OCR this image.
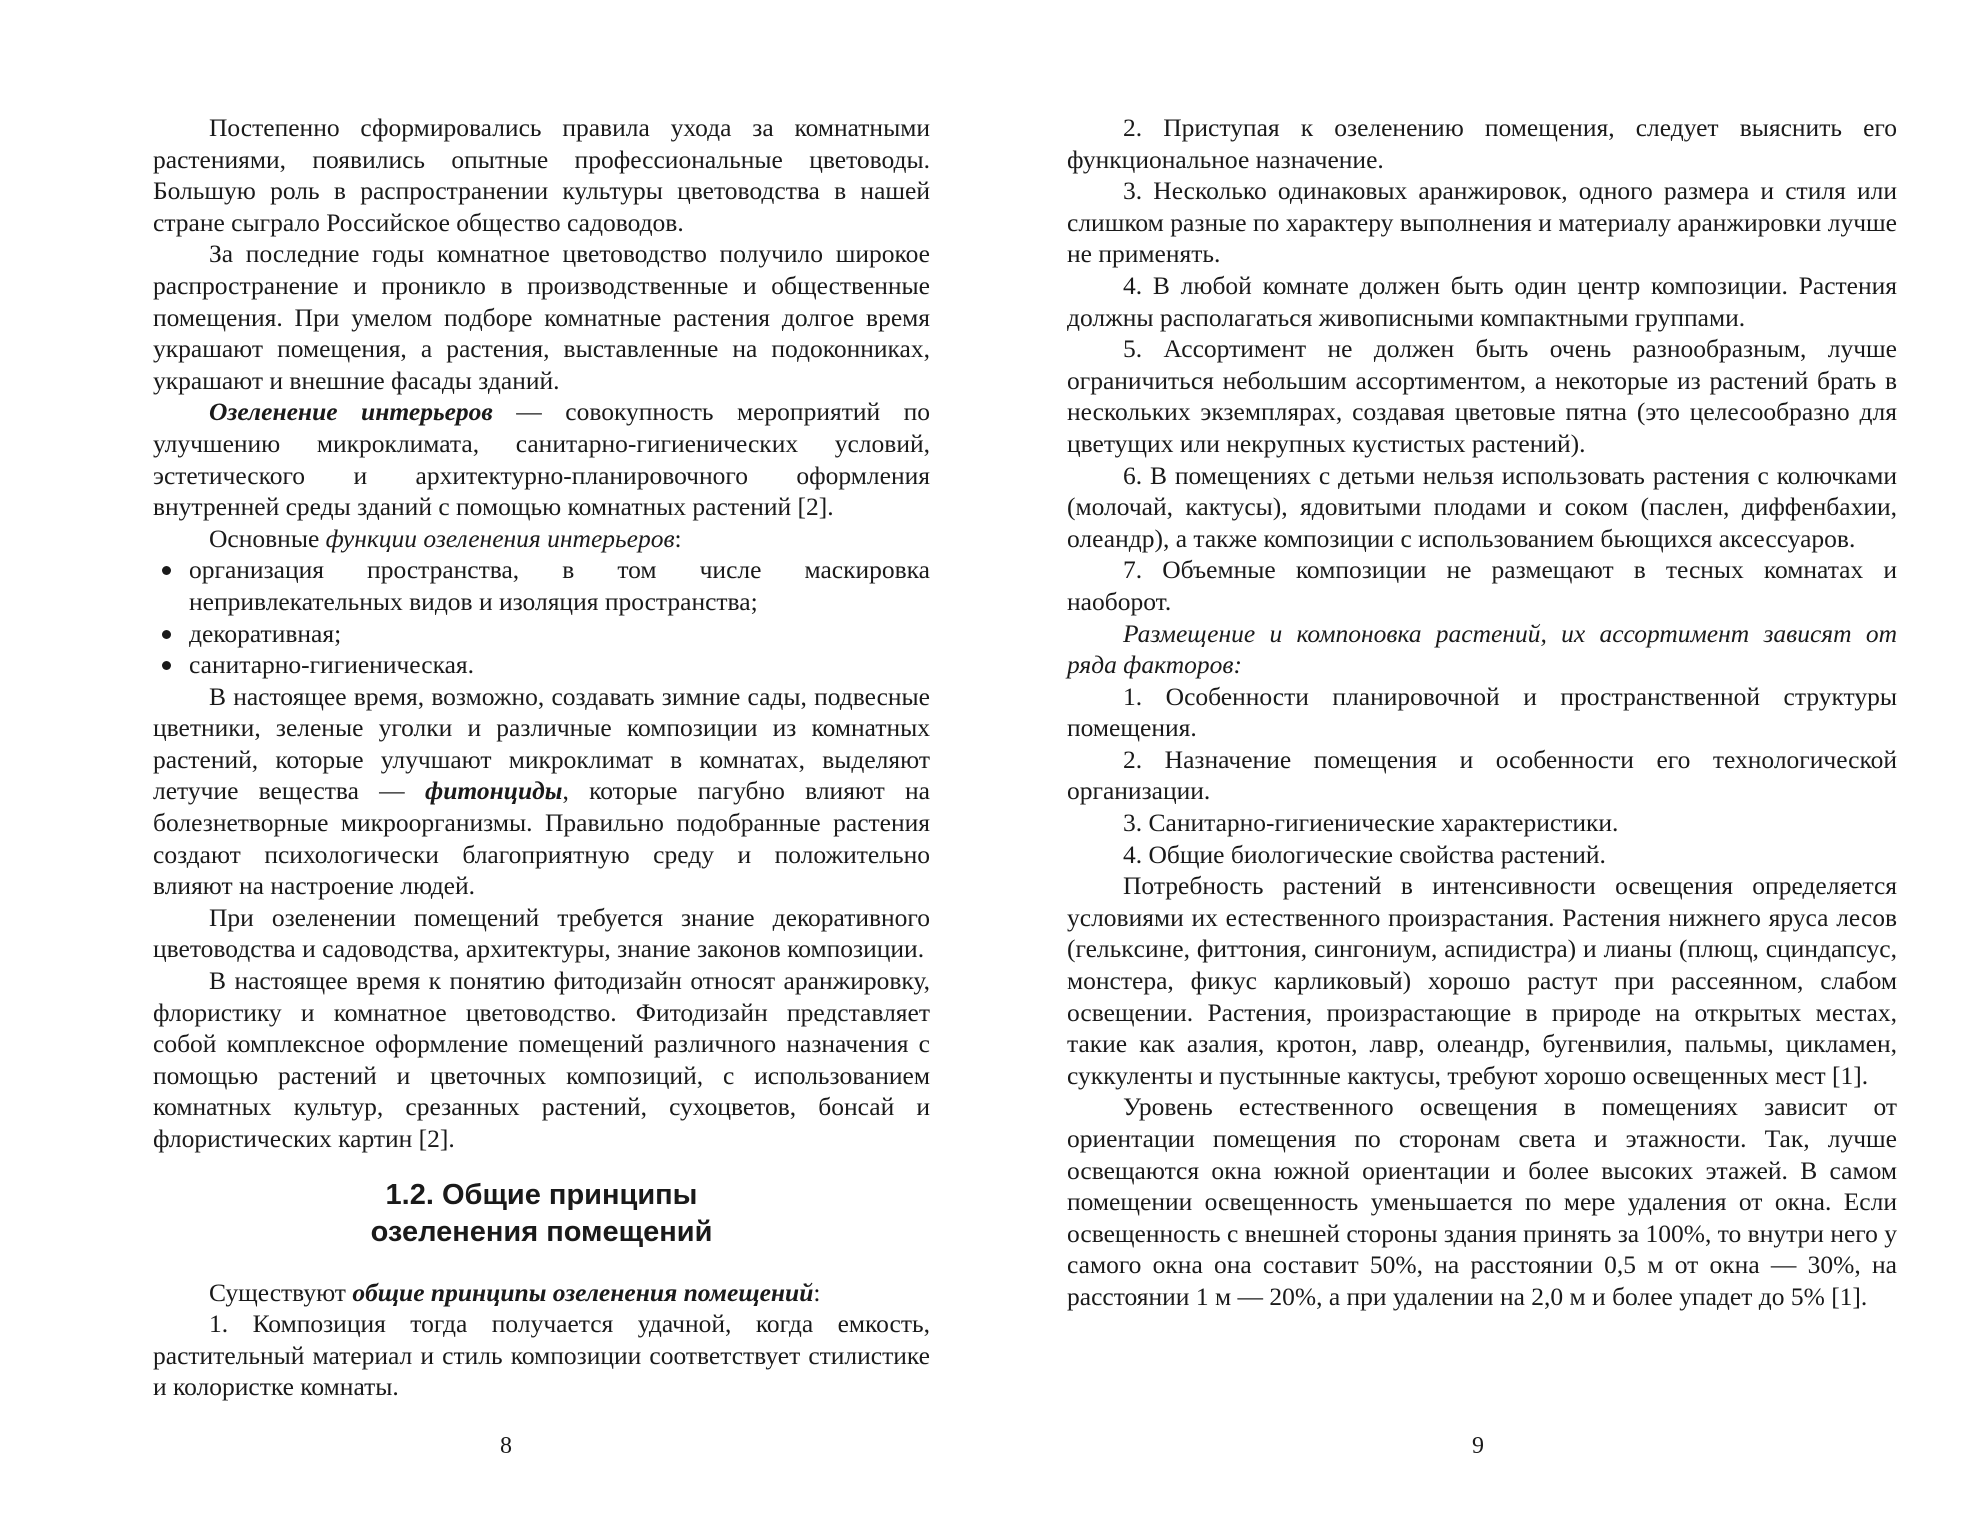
Постепенно сформировались правила ухода за комнатными растениями, появились опытные профессиональные цветоводы. Большую роль в распространении культуры цветоводства в нашей стране сыграло Российское общество садоводов.

За последние годы комнатное цветоводство получило широкое распространение и проникло в производственные и общественные помещения. При умелом подборе комнатные растения долгое время украшают помещения, а растения, выставленные на подоконниках, украшают и внешние фасады зданий.

Озеленение интерьеров — совокупность мероприятий по улучшению микроклимата, санитарно-гигиенических условий, эстетического и архитектурно-планировочного оформления внутренней среды зданий с помощью комнатных растений [2].

Основные функции озеленения интерьеров:

организация пространства, в том числе маскировка непривлекательных видов и изоляция пространства;
декоративная;
санитарно-гигиеническая.

В настоящее время, возможно, создавать зимние сады, подвесные цветники, зеленые уголки и различные композиции из комнатных растений, которые улучшают микроклимат в комнатах, выделяют летучие вещества — фитонциды, которые пагубно влияют на болезнетворные микроорганизмы. Правильно подобранные растения создают психологически благоприятную среду и положительно влияют на настроение людей.

При озеленении помещений требуется знание декоративного цветоводства и садоводства, архитектуры, знание законов композиции.

В настоящее время к понятию фитодизайн относят аранжировку, флористику и комнатное цветоводство. Фитодизайн представляет собой комплексное оформление помещений различного назначения с помощью растений и цветочных композиций, с использованием комнатных культур, срезанных растений, сухоцветов, бонсай и флористических картин [2].

1.2. Общие принципы
озеленения помещений

Существуют общие принципы озеленения помещений:

1. Композиция тогда получается удачной, когда емкость, растительный материал и стиль композиции соответствует стилистике и колористке комнаты.

8

2. Приступая к озеленению помещения, следует выяснить его функциональное назначение.

3. Несколько одинаковых аранжировок, одного размера и стиля или слишком разные по характеру выполнения и материалу аранжировки лучше не применять.

4. В любой комнате должен быть один центр композиции. Растения должны располагаться живописными компактными группами.

5. Ассортимент не должен быть очень разнообразным, лучше ограничиться небольшим ассортиментом, а некоторые из растений брать в нескольких экземплярах, создавая цветовые пятна (это целесообразно для цветущих или некрупных кустистых растений).

6. В помещениях с детьми нельзя использовать растения с колючками (молочай, кактусы), ядовитыми плодами и соком (паслен, диффенбахии, олеандр), а также композиции с использованием бьющихся аксессуаров.

7. Объемные композиции не размещают в тесных комнатах и наоборот.

Размещение и компоновка растений, их ассортимент зависят от ряда факторов:

1. Особенности планировочной и пространственной структуры помещения.

2. Назначение помещения и особенности его технологической организации.

3. Санитарно-гигиенические характеристики.

4. Общие биологические свойства растений.

Потребность растений в интенсивности освещения определяется условиями их естественного произрастания. Растения нижнего яруса лесов (гелькcине, фиттония, сингониум, аспидистра) и лианы (плющ, сциндапсус, монстера, фикус карликовый) хорошо растут при рассеянном, слабом освещении. Растения, произрастающие в природе на открытых местах, такие как азалия, кротон, лавр, олеандр, бугенвилия, пальмы, цикламен, суккуленты и пустынные кактусы, требуют хорошо освещенных мест [1].

Уровень естественного освещения в помещениях зависит от ориентации помещения по сторонам света и этажности. Так, лучше освещаются окна южной ориентации и более высоких этажей. В самом помещении освещенность уменьшается по мере удаления от окна. Если освещенность с внешней стороны здания принять за 100%, то внутри него у самого окна она составит 50%, на расстоянии 0,5 м от окна — 30%, на расстоянии 1 м — 20%, а при удалении на 2,0 м и более упадет до 5% [1].

9
